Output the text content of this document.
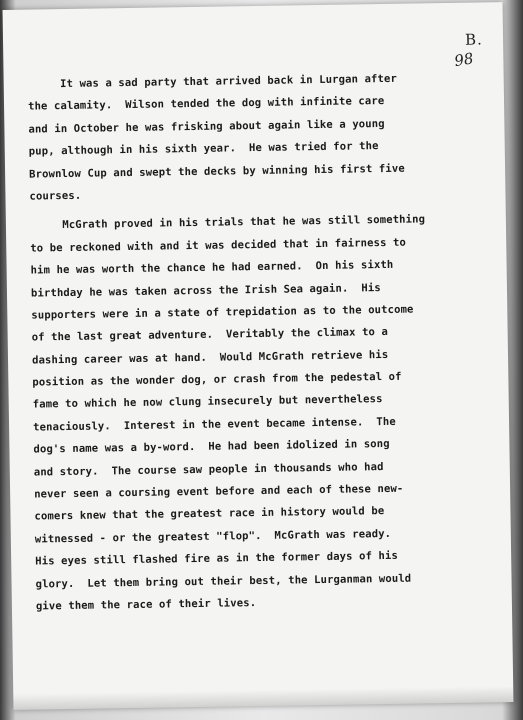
B.
98
It was a sad party that arrived back in Lurgan after
the calamity.  Wilson tended the dog with infinite care
and in October he was frisking about again like a young
pup, although in his sixth year.  He was tried for the
Brownlow Cup and swept the decks by winning his first five
courses.
McGrath proved in his trials that he was still something
to be reckoned with and it was decided that in fairness to
him he was worth the chance he had earned.  On his sixth
birthday he was taken across the Irish Sea again.  His
supporters were in a state of trepidation as to the outcome
of the last great adventure.  Veritably the climax to a
dashing career was at hand.  Would McGrath retrieve his
position as the wonder dog, or crash from the pedestal of
fame to which he now clung insecurely but nevertheless
tenaciously.  Interest in the event became intense.  The
dog's name was a by-word.  He had been idolized in song
and story.  The course saw people in thousands who had
never seen a coursing event before and each of these new-
comers knew that the greatest race in history would be
witnessed - or the greatest "flop".  McGrath was ready.
His eyes still flashed fire as in the former days of his
glory.  Let them bring out their best, the Lurganman would
give them the race of their lives.
